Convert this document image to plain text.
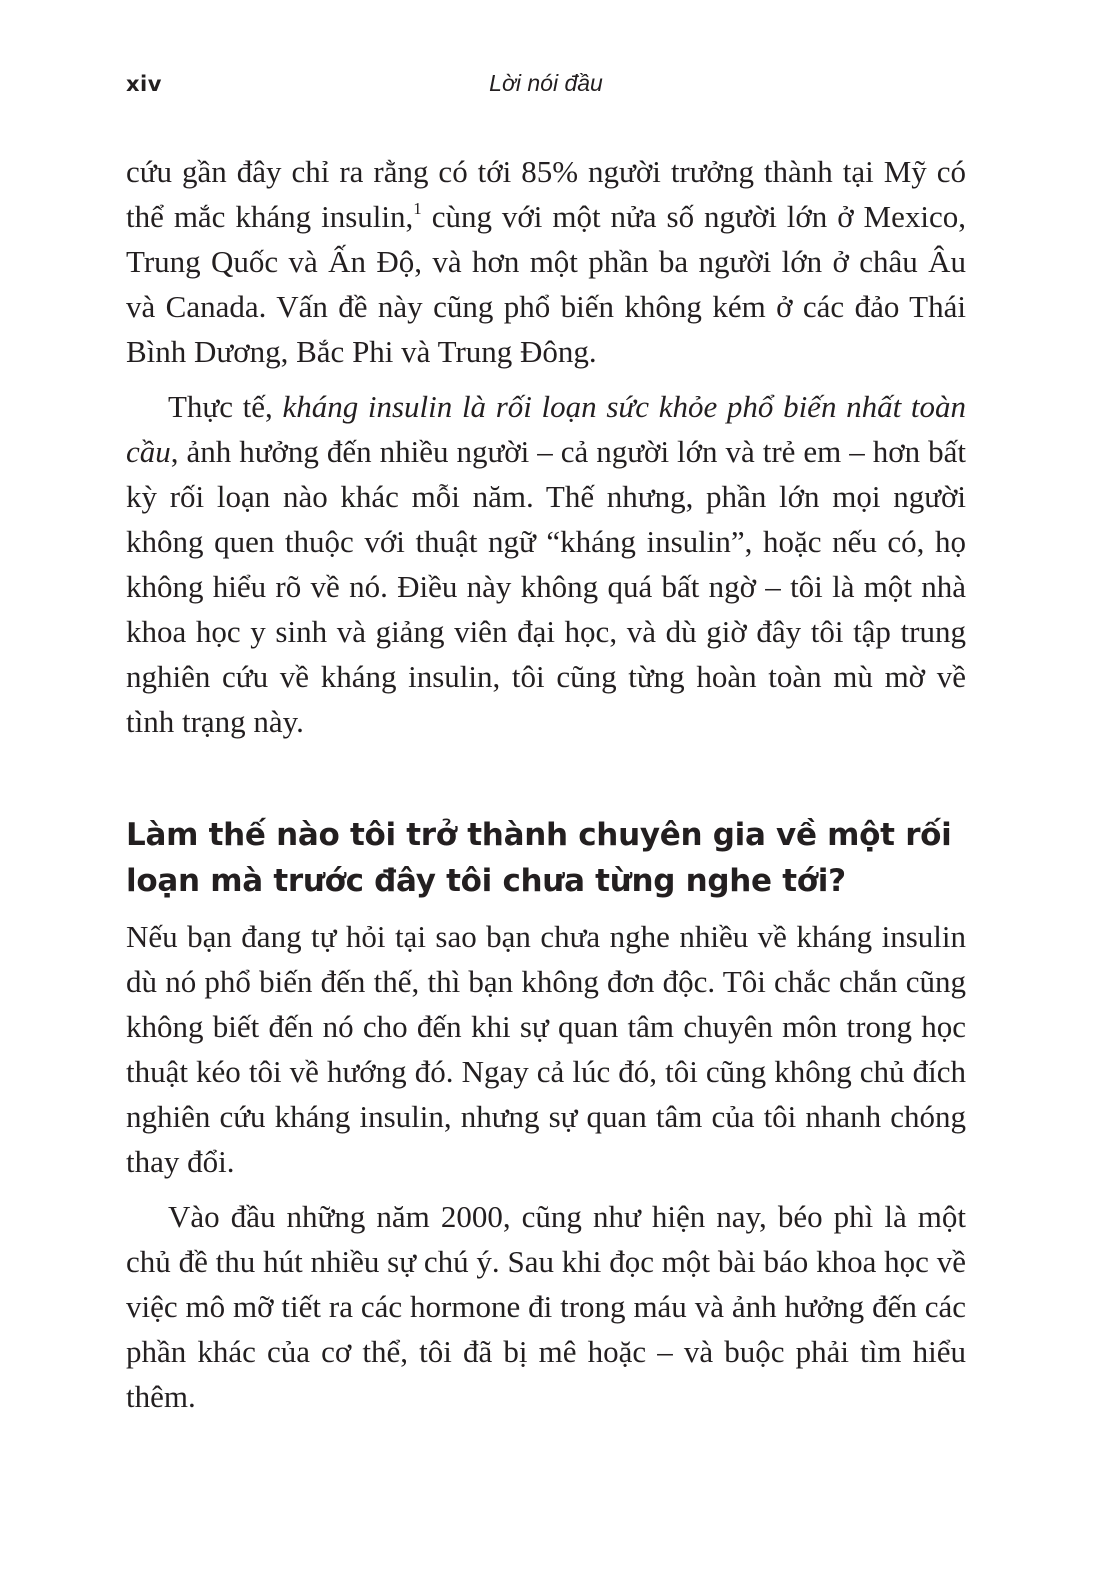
xiv	Lời nói đầu

cứu gần đây chỉ ra rằng có tới 85% người trưởng thành tại Mỹ có thể mắc kháng insulin,$^1$ cùng với một nửa số người lớn ở Mexico, Trung Quốc và Ấn Độ, và hơn một phần ba người lớn ở châu Âu và Canada. Vấn đề này cũng phổ biến không kém ở các đảo Thái Bình Dương, Bắc Phi và Trung Đông.

Thực tế, kháng insulin là rối loạn sức khỏe phổ biến nhất toàn cầu, ảnh hưởng đến nhiều người – cả người lớn và trẻ em – hơn bất kỳ rối loạn nào khác mỗi năm. Thế nhưng, phần lớn mọi người không quen thuộc với thuật ngữ “kháng insulin”, hoặc nếu có, họ không hiểu rõ về nó. Điều này không quá bất ngờ – tôi là một nhà khoa học y sinh và giảng viên đại học, và dù giờ đây tôi tập trung nghiên cứu về kháng insulin, tôi cũng từng hoàn toàn mù mờ về tình trạng này.

Làm thế nào tôi trở thành chuyên gia về một rối loạn mà trước đây tôi chưa từng nghe tới?

Nếu bạn đang tự hỏi tại sao bạn chưa nghe nhiều về kháng insulin dù nó phổ biến đến thế, thì bạn không đơn độc. Tôi chắc chắn cũng không biết đến nó cho đến khi sự quan tâm chuyên môn trong học thuật kéo tôi về hướng đó. Ngay cả lúc đó, tôi cũng không chủ đích nghiên cứu kháng insulin, nhưng sự quan tâm của tôi nhanh chóng thay đổi.

Vào đầu những năm 2000, cũng như hiện nay, béo phì là một chủ đề thu hút nhiều sự chú ý. Sau khi đọc một bài báo khoa học về việc mô mỡ tiết ra các hormone đi trong máu và ảnh hưởng đến các phần khác của cơ thể, tôi đã bị mê hoặc – và buộc phải tìm hiểu thêm.
